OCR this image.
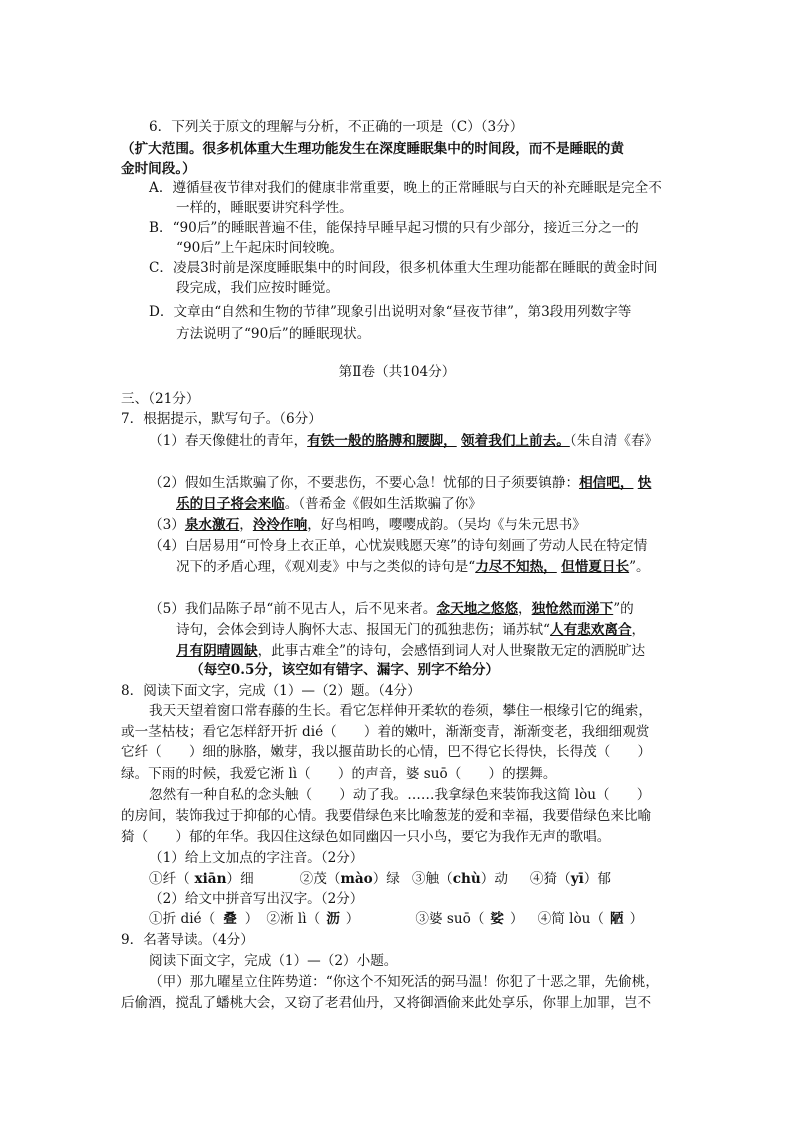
6．下列关于原文的理解与分析，不正确的一项是（C）（3分）
（扩大范围。很多机体重大生理功能发生在深度睡眠集中的时间段，而不是睡眠的黄
金时间段。）
A．遵循昼夜节律对我们的健康非常重要，晚上的正常睡眠与白天的补充睡眠是完全不
一样的，睡眠要讲究科学性。
B．“90后”的睡眠普遍不佳，能保持早睡早起习惯的只有少部分，接近三分之一的
“90后”上午起床时间较晚。
C．凌晨3时前是深度睡眠集中的时间段，很多机体重大生理功能都在睡眠的黄金时间
段完成，我们应按时睡觉。
D．文章由“自然和生物的节律”现象引出说明对象“昼夜节律”，第3段用列数字等
方法说明了“90后”的睡眠现状。
第Ⅱ卷（共104分）
三、（21分）
7．根据提示，默写句子。（6分）
（1）春天像健壮的青年，有铁一般的胳膊和腰脚， 领着我们上前去。（朱自清《春》
（2）假如生活欺骗了你，不要悲伤，不要心急！忧郁的日子须要镇静：相信吧， 快
乐的日子将会来临。（普希金《假如生活欺骗了你》
（3）泉水激石，泠泠作响，好鸟相鸣，嘤嘤成韵。（吴均《与朱元思书》
（4）白居易用“可怜身上衣正单，心忧炭贱愿天寒”的诗句刻画了劳动人民在特定情
况下的矛盾心理，《观刈麦》中与之类似的诗句是“力尽不知热， 但惜夏日长”。
（5）我们品陈子昂“前不见古人，后不见来者。念天地之悠悠，独怆然而涕下”的
诗句，会体会到诗人胸怀大志、报国无门的孤独悲伤；诵苏轼“人有悲欢离合，
月有阴晴圆缺，此事古难全”的诗句，会感悟到词人对人世聚散无定的洒脱旷达
（每空0.5分，该空如有错字、漏字、别字不给分）
8．阅读下面文字，完成（1）—（2）题。（4分）
我天天望着窗口常春藤的生长。看它怎样伸开柔软的卷须，攀住一根缘引它的绳索，
或一茎枯枝；看它怎样舒开折 dié（　　）着的嫩叶，渐渐变青，渐渐变老，我细细观赏
它纤（　　）细的脉胳，嫩芽，我以揠苗助长的心情，巴不得它长得快，长得茂（　　）
绿。下雨的时候，我爱它淅 lì（　　）的声音，婆 suō（　　）的摆舞。
忽然有一种自私的念头触（　　）动了我。……我拿绿色来装饰我这简 lòu（　　）
的房间，装饰我过于抑郁的心情。我要借绿色来比喻葱茏的爱和幸福，我要借绿色来比喻
猗（　　）郁的年华。我囚住这绿色如同幽囚一只小鸟，要它为我作无声的歌唱。
（1）给上文加点的字注音。（2分）
①纤（ xiān）细	②茂（mào）绿 ③触（chù）动 ④猗（yī）郁
（2）给文中拼音写出汉字。（2分）
①折 dié（ 叠 ） ②淅 lì（ 沥 ）	③婆 suō（ 娑 ） ④简 lòu（ 陋 ）
9．名著导读。（4分）
阅读下面文字，完成（1）—（2）小题。
（甲）那九曜星立住阵势道：“你这个不知死活的弼马温！你犯了十恶之罪，先偷桃，
后偷酒，搅乱了蟠桃大会，又窃了老君仙丹，又将御酒偷来此处享乐，你罪上加罪，岂不
